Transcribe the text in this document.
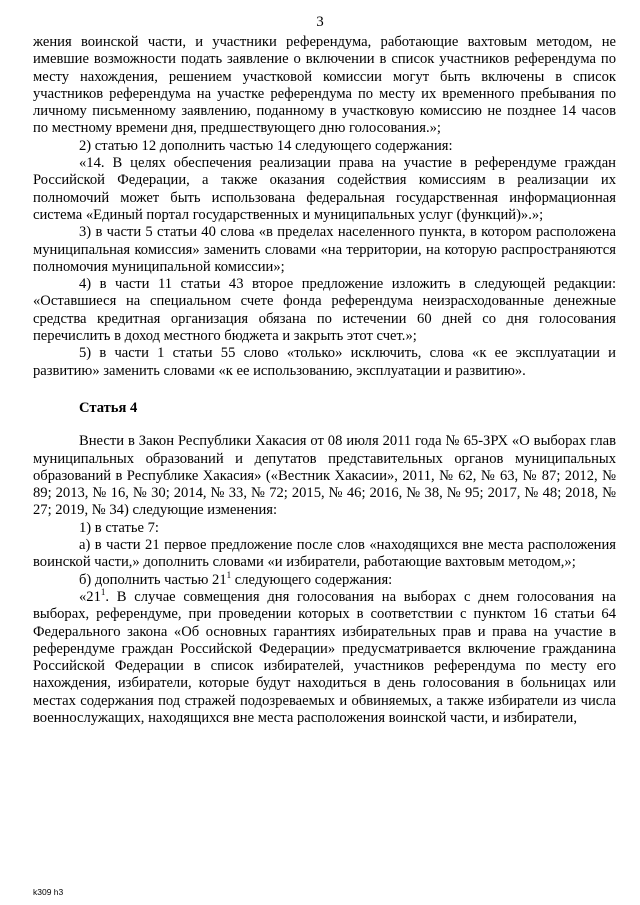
3

жения воинской части, и участники референдума, работающие вахтовым методом, не имевшие возможности подать заявление о включении в список участников референдума по месту нахождения, решением участковой комиссии могут быть включены в список участников референдума на участке референдума по месту их временного пребывания по личному письменному заявлению, поданному в участковую комиссию не позднее 14 часов по местному времени дня, предшествующего дню голосования.»;

2) статью 12 дополнить частью 14 следующего содержания:

«14. В целях обеспечения реализации права на участие в референдуме граждан Российской Федерации, а также оказания содействия комиссиям в реализации их полномочий может быть использована федеральная государственная информационная система «Единый портал государственных и муниципальных услуг (функций)».»;

3) в части 5 статьи 40 слова «в пределах населенного пункта, в котором расположена муниципальная комиссия» заменить словами «на территории, на которую распространяются полномочия муниципальной комиссии»;

4) в части 11 статьи 43 второе предложение изложить в следующей редакции: «Оставшиеся на специальном счете фонда референдума неизрасходованные денежные средства кредитная организация обязана по истечении 60 дней со дня голосования перечислить в доход местного бюджета и закрыть этот счет.»;

5) в части 1 статьи 55 слово «только» исключить, слова «к ее эксплуатации и развитию» заменить словами «к ее использованию, эксплуатации и развитию».

Статья 4

Внести в Закон Республики Хакасия от 08 июля 2011 года № 65-ЗРХ «О выборах глав муниципальных образований и депутатов представительных органов муниципальных образований в Республике Хакасия» («Вестник Хакасии», 2011, № 62, № 63, № 87; 2012, № 89; 2013, № 16, № 30; 2014, № 33, № 72; 2015, № 46; 2016, № 38, № 95; 2017, № 48; 2018, № 27; 2019, № 34) следующие изменения:

1) в статье 7:

а) в части 21 первое предложение после слов «находящихся вне места расположения воинской части,» дополнить словами «и избиратели, работающие вахтовым методом,»;

б) дополнить частью $21^1$ следующего содержания:

«$21^1$. В случае совмещения дня голосования на выборах с днем голосования на выборах, референдуме, при проведении которых в соответствии с пунктом 16 статьи 64 Федерального закона «Об основных гарантиях избирательных прав и права на участие в референдуме граждан Российской Федерации» предусматривается включение гражданина Российской Федерации в список избирателей, участников референдума по месту его нахождения, избиратели, которые будут находиться в день голосования в больницах или местах содержания под стражей подозреваемых и обвиняемых, а также избиратели из числа военнослужащих, находящихся вне места расположения воинской части, и избиратели,

k309 h3
